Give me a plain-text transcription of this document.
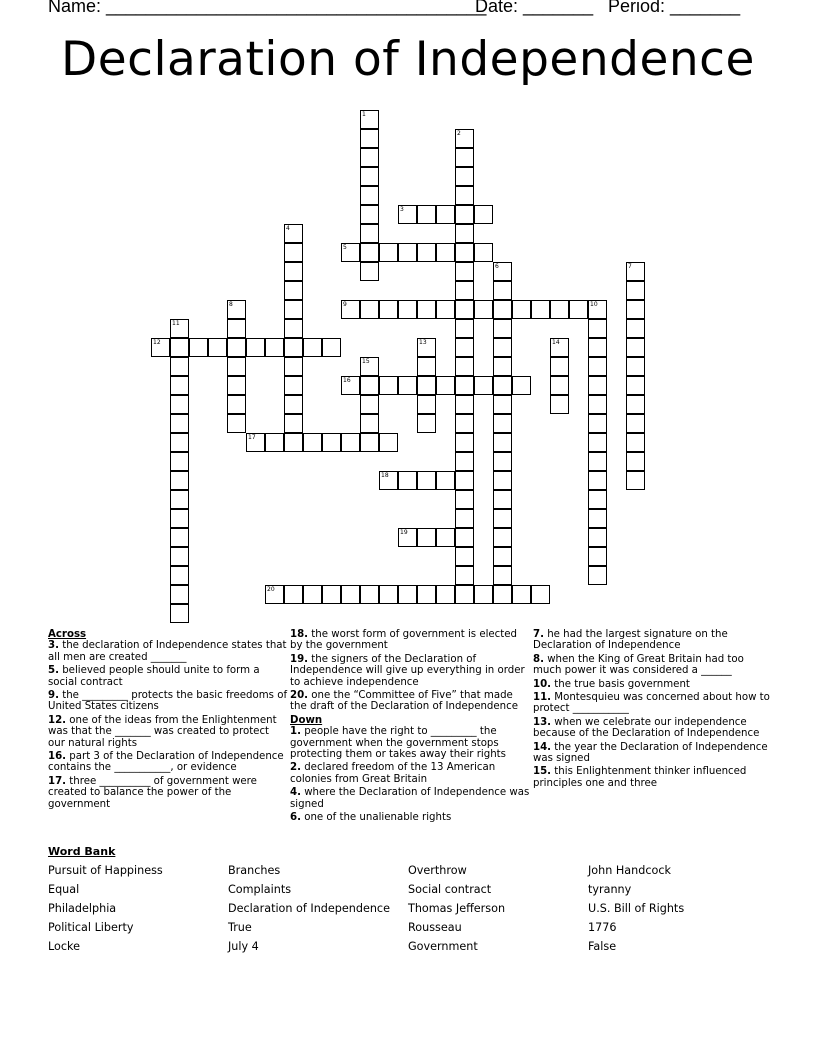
Name: ______________________________________
Date: _______ Period: _______
Declaration of Independence
1
2
3
4
5
6	7
8	9	10
11
12	13	14
15
16
17
18
19
20
Across
3. the declaration of Independence states that all men are created _______
5. believed people should unite to form a social contract
9. the _________ protects the basic freedoms of United States citizens
12. one of the ideas from the Enlightenment was that the _______ was created to protect our natural rights
16. part 3 of the Declaration of Independence contains the ___________, or evidence
17. three __________ of government were created to balance the power of the government
18. the worst form of government is elected by the government
19. the signers of the Declaration of Independence will give up everything in order to achieve independence
20. one the “Committee of Five” that made the draft of the Declaration of Independence
Down
1. people have the right to _________ the government when the government stops protecting them or takes away their rights
2. declared freedom of the 13 American colonies from Great Britain
4. where the Declaration of Independence was signed
6. one of the unalienable rights
7. he had the largest signature on the Declaration of Independence
8. when the King of Great Britain had too much power it was considered a ______
10. the true basis government
11. Montesquieu was concerned about how to protect ___________
13. when we celebrate our independence because of the Declaration of Independence
14. the year the Declaration of Independence was signed
15. this Enlightenment thinker influenced principles one and three
Word Bank
Pursuit of Happiness
Equal
Philadelphia
Political Liberty
Locke
Branches
Complaints
Declaration of Independence
True
July 4
Overthrow
Social contract
Thomas Jefferson
Rousseau
Government
John Handcock
tyranny
U.S. Bill of Rights
1776
False
